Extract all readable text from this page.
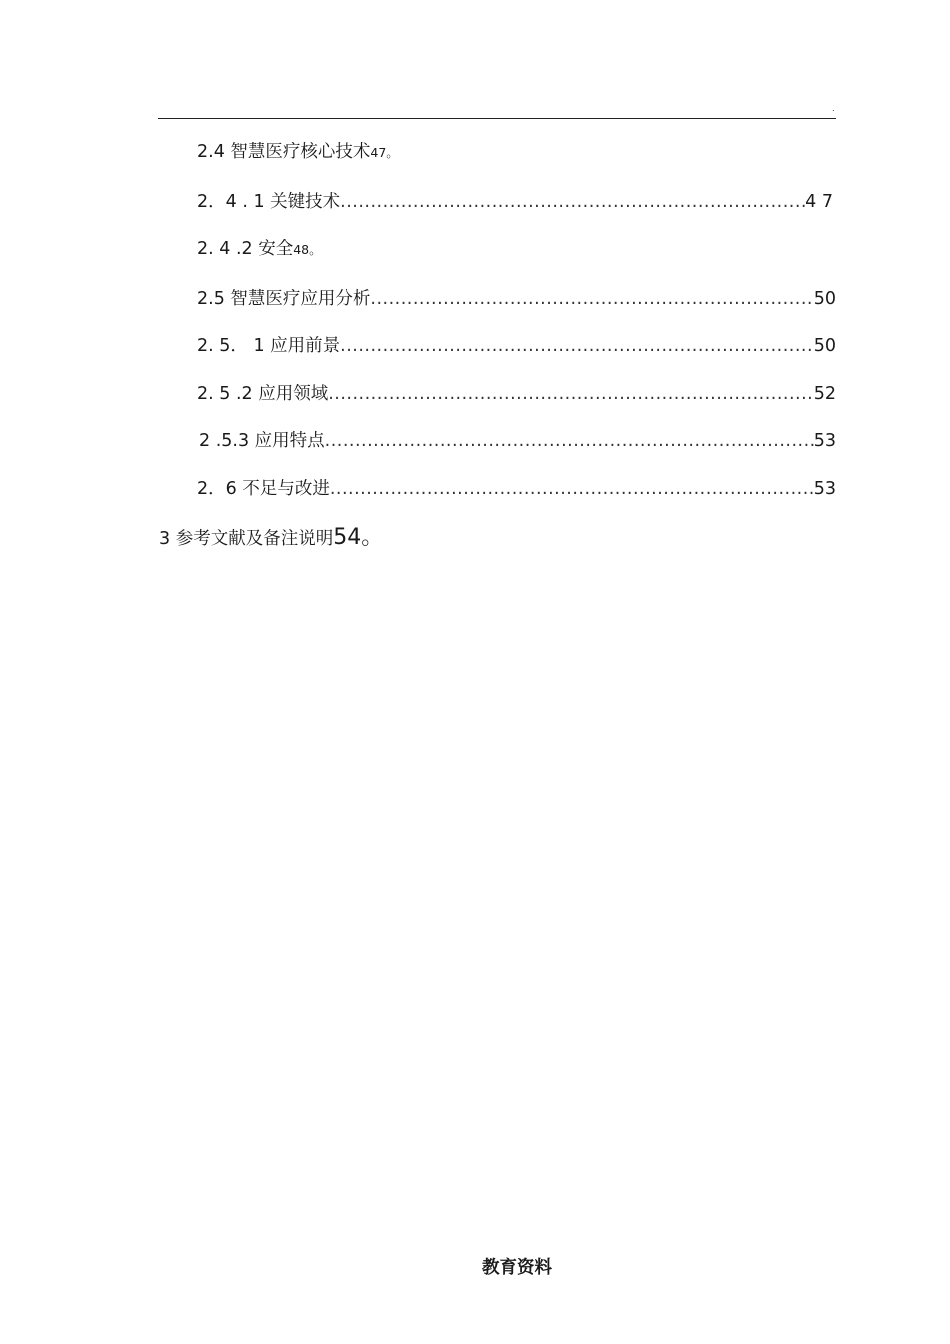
.
2.4 智慧医疗核心技术 47。
2．4 . 1 关键技术 .....	4 7
2. 4 .2 安全 48。
2.5 智慧医疗应用分析 .....	50
2. 5． 1 应用前景 .....	50
2. 5 .2 应用领域 .....	52
2 .5.3 应用特点 .....	53
2．6 不足与改进 .....	53
3 参考文献及备注说明 54。
教育资料
